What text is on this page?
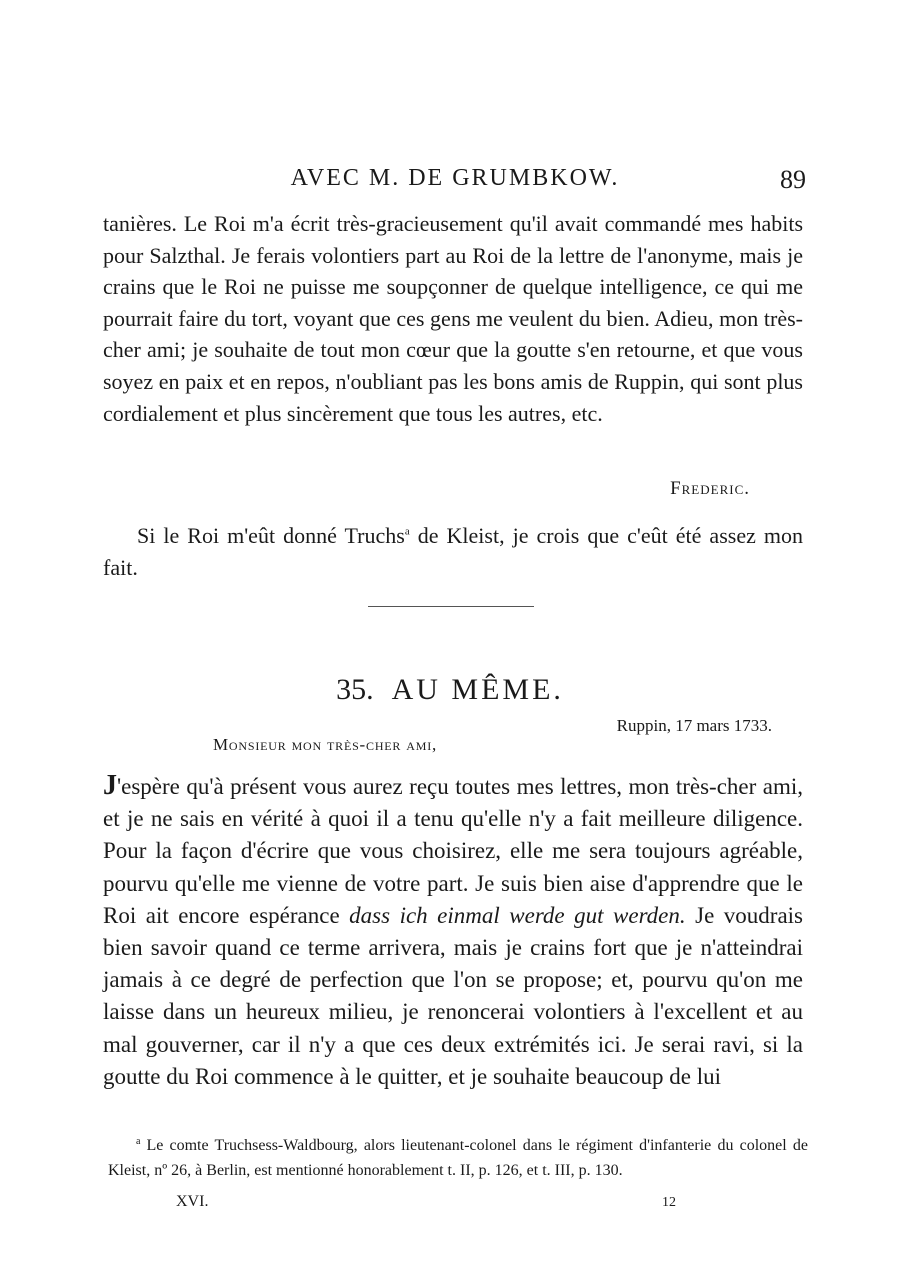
AVEC M. DE GRUMBKOW.	89

tanières. Le Roi m'a écrit très-gracieusement qu'il avait commandé mes habits pour Salzthal. Je ferais volontiers part au Roi de la lettre de l'anonyme, mais je crains que le Roi ne puisse me soupçonner de quelque intelligence, ce qui me pourrait faire du tort, voyant que ces gens me veulent du bien. Adieu, mon très-cher ami; je souhaite de tout mon cœur que la goutte s'en retourne, et que vous soyez en paix et en repos, n'oubliant pas les bons amis de Ruppin, qui sont plus cordialement et plus sincèrement que tous les autres, etc.

Frederic.

Si le Roi m'eût donné Truchs$^a$ de Kleist, je crois que c'eût été assez mon fait.

35. AU MÊME.
Ruppin, 17 mars 1733.
Monsieur mon très-cher ami,

J'espère qu'à présent vous aurez reçu toutes mes lettres, mon très-cher ami, et je ne sais en vérité à quoi il a tenu qu'elle n'y a fait meilleure diligence. Pour la façon d'écrire que vous choisirez, elle me sera toujours agréable, pourvu qu'elle me vienne de votre part. Je suis bien aise d'apprendre que le Roi ait encore espérance dass ich einmal werde gut werden. Je voudrais bien savoir quand ce terme arrivera, mais je crains fort que je n'atteindrai jamais à ce degré de perfection que l'on se propose; et, pourvu qu'on me laisse dans un heureux milieu, je renoncerai volontiers à l'excellent et au mal gouverner, car il n'y a que ces deux extrémités ici. Je serai ravi, si la goutte du Roi commence à le quitter, et je souhaite beaucoup de lui

$^a$ Le comte Truchsess-Waldbourg, alors lieutenant-colonel dans le régiment d'infanterie du colonel de Kleist, nº 26, à Berlin, est mentionné honorablement t. II, p. 126, et t. III, p. 130.

XVI.	12
